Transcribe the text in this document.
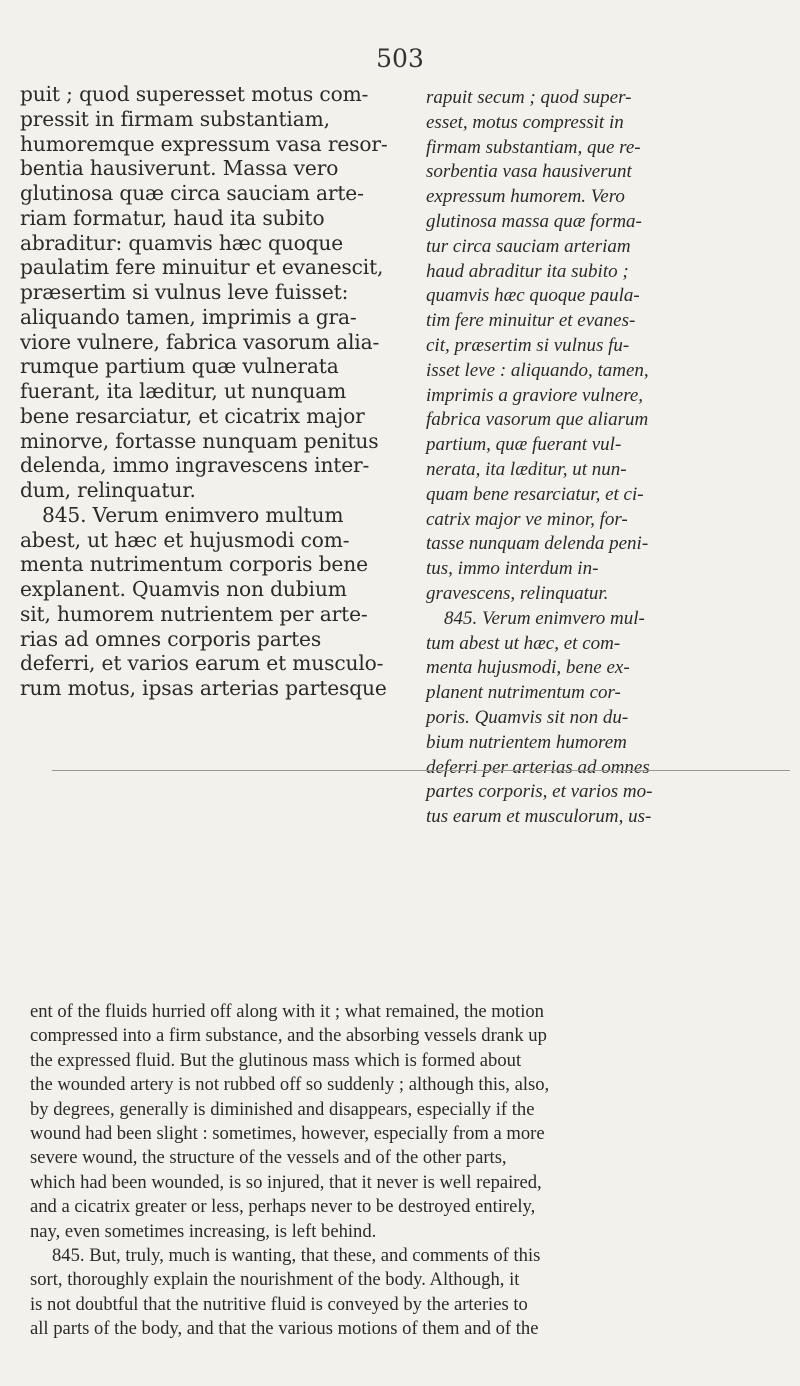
503
puit ; quod superesset motus com-
pressit in firmam substantiam,
humoremque expressum vasa resor-
bentia hausiverunt. Massa vero
glutinosa quæ circa sauciam arte-
riam formatur, haud ita subito
abraditur: quamvis hæc quoque
paulatim fere minuitur et evanescit,
præsertim si vulnus leve fuisset:
aliquando tamen, imprimis a gra-
viore vulnere, fabrica vasorum alia-
rumque partium quæ vulnerata
fuerant, ita læditur, ut nunquam
bene resarciatur, et cicatrix major
minorve, fortasse nunquam penitus
delenda, immo ingravescens inter-
dum, relinquatur.
845. Verum enimvero multum
abest, ut hæc et hujusmodi com-
menta nutrimentum corporis bene
explanent. Quamvis non dubium
sit, humorem nutrientem per arte-
rias ad omnes corporis partes
deferri, et varios earum et musculo-
rum motus, ipsas arterias partesque
rapuit secum ; quod super-
esset, motus compressit in
firmam substantiam, que re-
sorbentia vasa hausiverunt
expressum humorem. Vero
glutinosa massa quæ forma-
tur circa sauciam arteriam
haud abraditur ita subito ;
quamvis hæc quoque paula-
tim fere minuitur et evanes-
cit, præsertim si vulnus fu-
isset leve : aliquando, tamen,
imprimis a graviore vulnere,
fabrica vasorum que aliarum
partium, quæ fuerant vul-
nerata, ita læditur, ut nun-
quam bene resarciatur, et ci-
catrix major ve minor, for-
tasse nunquam delenda peni-
tus, immo interdum in-
gravescens, relinquatur.
845. Verum enimvero mul-
tum abest ut hæc, et com-
menta hujusmodi, bene ex-
planent nutrimentum cor-
poris. Quamvis sit non du-
bium nutrientem humorem
deferri per arterias ad omnes
partes corporis, et varios mo-
tus earum et musculorum, us-
ent of the fluids hurried off along with it ; what remained, the motion
compressed into a firm substance, and the absorbing vessels drank up
the expressed fluid. But the glutinous mass which is formed about
the wounded artery is not rubbed off so suddenly ; although this, also,
by degrees, generally is diminished and disappears, especially if the
wound had been slight : sometimes, however, especially from a more
severe wound, the structure of the vessels and of the other parts,
which had been wounded, is so injured, that it never is well repaired,
and a cicatrix greater or less, perhaps never to be destroyed entirely,
nay, even sometimes increasing, is left behind.
845. But, truly, much is wanting, that these, and comments of this
sort, thoroughly explain the nourishment of the body. Although, it
is not doubtful that the nutritive fluid is conveyed by the arteries to
all parts of the body, and that the various motions of them and of the
